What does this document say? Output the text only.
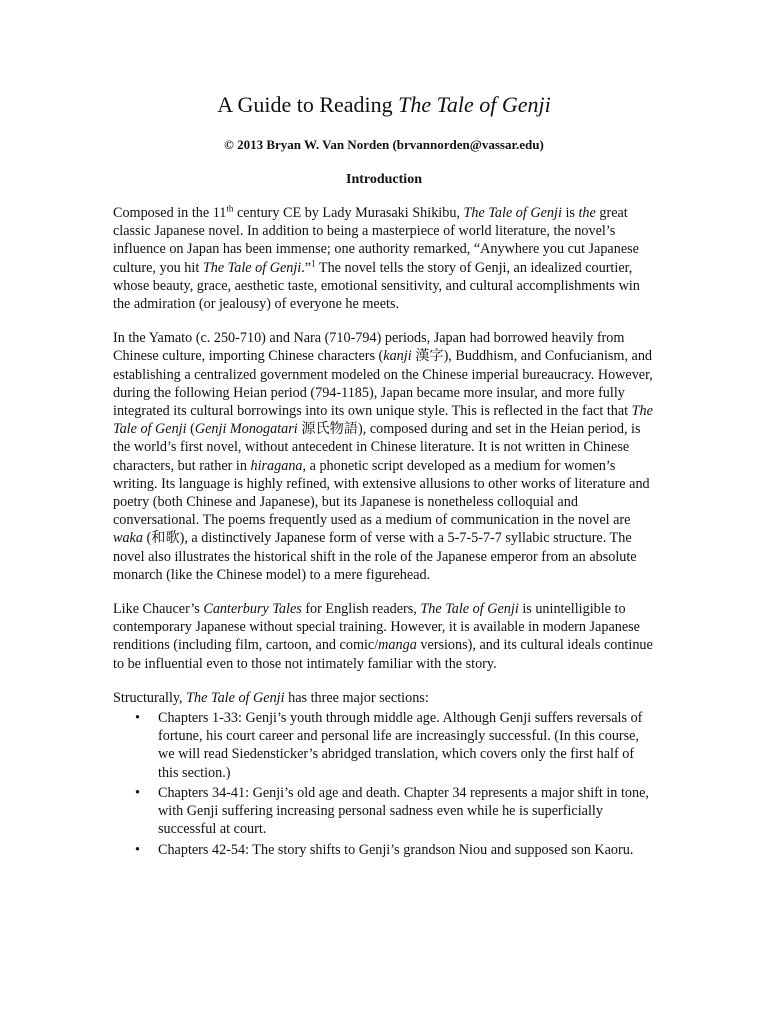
A Guide to Reading The Tale of Genji
© 2013 Bryan W. Van Norden (brvannorden@vassar.edu)
Introduction

Composed in the 11th century CE by Lady Murasaki Shikibu, The Tale of Genji is the great classic Japanese novel. In addition to being a masterpiece of world literature, the novel’s influence on Japan has been immense; one authority remarked, “Anywhere you cut Japanese culture, you hit The Tale of Genji.”$^1$ The novel tells the story of Genji, an idealized courtier, whose beauty, grace, aesthetic taste, emotional sensitivity, and cultural accomplishments win the admiration (or jealousy) of everyone he meets.

In the Yamato (c. 250-710) and Nara (710-794) periods, Japan had borrowed heavily from Chinese culture, importing Chinese characters (kanji 漢字), Buddhism, and Confucianism, and establishing a centralized government modeled on the Chinese imperial bureaucracy. However, during the following Heian period (794-1185), Japan became more insular, and more fully integrated its cultural borrowings into its own unique style. This is reflected in the fact that The Tale of Genji (Genji Monogatari 源氏物語), composed during and set in the Heian period, is the world’s first novel, without antecedent in Chinese literature. It is not written in Chinese characters, but rather in hiragana, a phonetic script developed as a medium for women’s writing. Its language is highly refined, with extensive allusions to other works of literature and poetry (both Chinese and Japanese), but its Japanese is nonetheless colloquial and conversational. The poems frequently used as a medium of communication in the novel are waka (和歌), a distinctively Japanese form of verse with a 5-7-5-7-7 syllabic structure. The novel also illustrates the historical shift in the role of the Japanese emperor from an absolute monarch (like the Chinese model) to a mere figurehead.

Like Chaucer’s Canterbury Tales for English readers, The Tale of Genji is unintelligible to contemporary Japanese without special training. However, it is available in modern Japanese renditions (including film, cartoon, and comic/manga versions), and its cultural ideals continue to be influential even to those not intimately familiar with the story.

Structurally, The Tale of Genji has three major sections:

• Chapters 1-33: Genji’s youth through middle age. Although Genji suffers reversals of fortune, his court career and personal life are increasingly successful. (In this course, we will read Siedensticker’s abridged translation, which covers only the first half of this section.)
• Chapters 34-41: Genji’s old age and death. Chapter 34 represents a major shift in tone, with Genji suffering increasing personal sadness even while he is superficially successful at court.
• Chapters 42-54: The story shifts to Genji’s grandson Niou and supposed son Kaoru.
